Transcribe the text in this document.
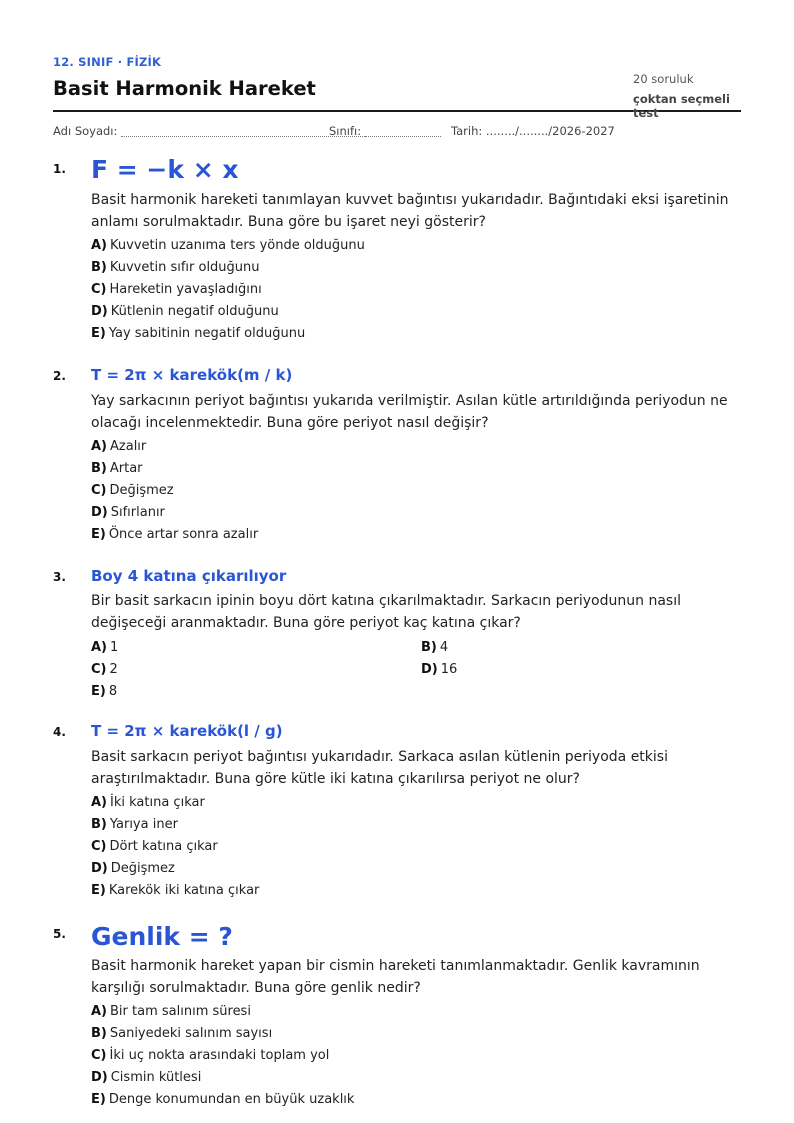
12. SINIF · FİZİK
Basit Harmonik Hareket	20 soruluk
çoktan seçmeli test
Adı Soyadı:	Sınıfı:	Tarih: ......../......../2026-2027
1. F = −k × x
Basit harmonik hareketi tanımlayan kuvvet bağıntısı yukarıdadır. Bağıntıdaki eksi işaretinin anlamı sorulmaktadır. Buna göre bu işaret neyi gösterir?
A) Kuvvetin uzanıma ters yönde olduğunu
B) Kuvvetin sıfır olduğunu
C) Hareketin yavaşladığını
D) Kütlenin negatif olduğunu
E) Yay sabitinin negatif olduğunu
2. T = 2π × karekök(m / k)
Yay sarkacının periyot bağıntısı yukarıda verilmiştir. Asılan kütle artırıldığında periyodun ne olacağı incelenmektedir. Buna göre periyot nasıl değişir?
A) Azalır
B) Artar
C) Değişmez
D) Sıfırlanır
E) Önce artar sonra azalır
3. Boy 4 katına çıkarılıyor
Bir basit sarkacın ipinin boyu dört katına çıkarılmaktadır. Sarkacın periyodunun nasıl değişeceği aranmaktadır. Buna göre periyot kaç katına çıkar?
A) 1	B) 4
C) 2	D) 16
E) 8
4. T = 2π × karekök(l / g)
Basit sarkacın periyot bağıntısı yukarıdadır. Sarkaca asılan kütlenin periyoda etkisi araştırılmaktadır. Buna göre kütle iki katına çıkarılırsa periyot ne olur?
A) İki katına çıkar
B) Yarıya iner
C) Dört katına çıkar
D) Değişmez
E) Karekök iki katına çıkar
5. Genlik = ?
Basit harmonik hareket yapan bir cismin hareketi tanımlanmaktadır. Genlik kavramının karşılığı sorulmaktadır. Buna göre genlik nedir?
A) Bir tam salınım süresi
B) Saniyedeki salınım sayısı
C) İki uç nokta arasındaki toplam yol
D) Cismin kütlesi
E) Denge konumundan en büyük uzaklık
